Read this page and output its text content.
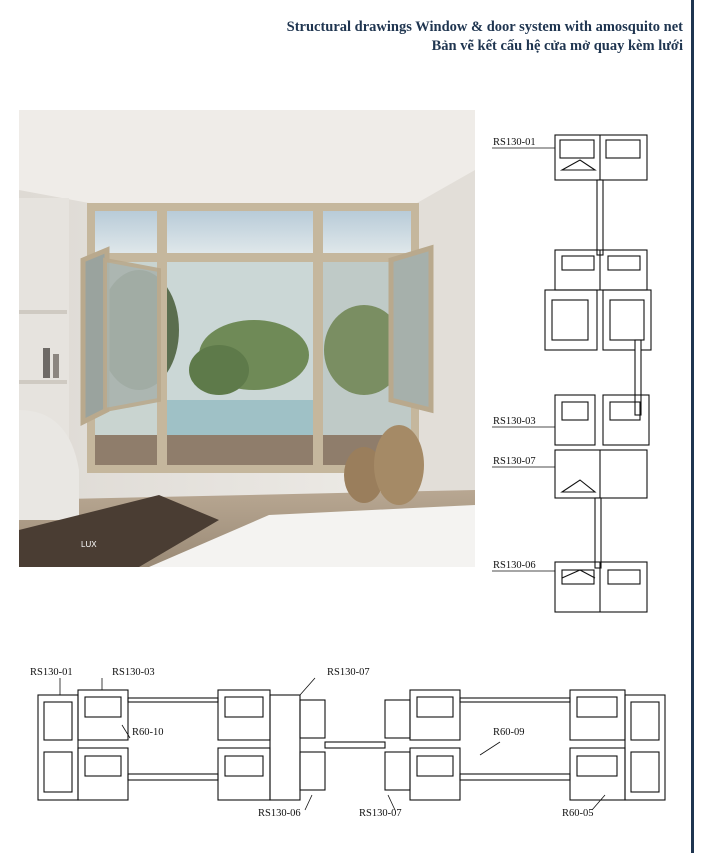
Structural drawings Window & door system with amosquito net
Bản vẽ kết cấu hệ cửa mở quay kèm lưới
LUX
RS130-01
RS130-03
RS130-07
RS130-06
RS130-01	RS130-03
R60-10
RS130-07
R60-09
RS130-06	RS130-07	R60-05
